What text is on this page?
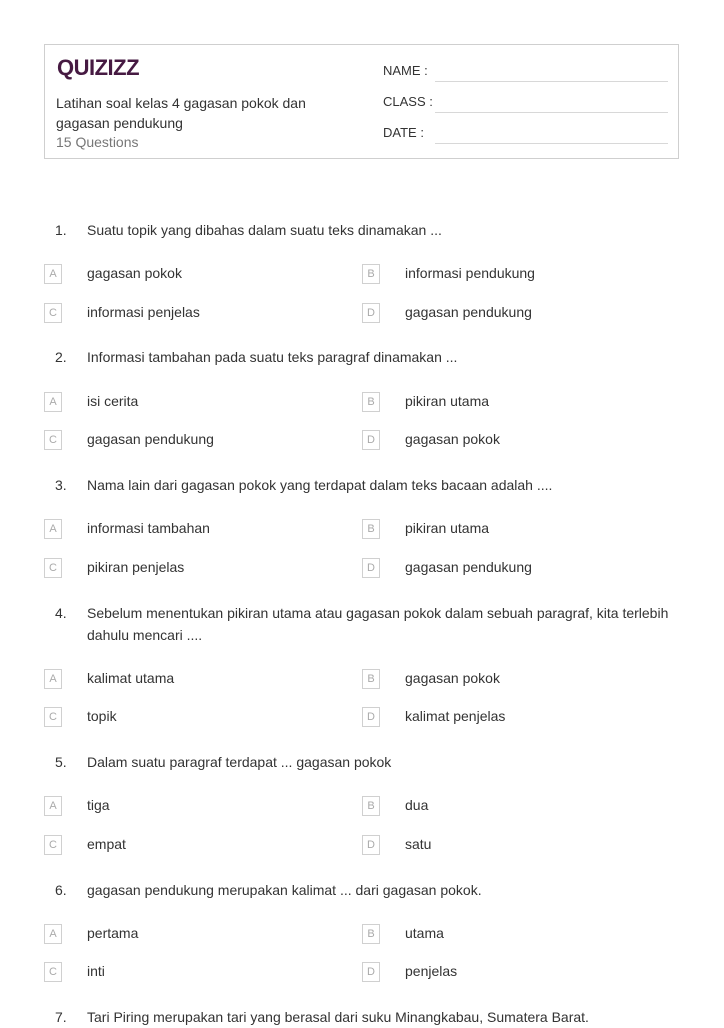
QUIZIZZ
Latihan soal kelas 4 gagasan pokok dan gagasan pendukung
15 Questions
NAME :
CLASS :
DATE :
1. Suatu topik yang dibahas dalam suatu teks dinamakan ...
A	gagasan pokok	B	informasi pendukung
C	informasi penjelas	D	gagasan pendukung
2. Informasi tambahan pada suatu teks paragraf dinamakan ...
A	isi cerita	B	pikiran utama
C	gagasan pendukung	D	gagasan pokok
3. Nama lain dari gagasan pokok yang terdapat dalam teks bacaan adalah ....
A	informasi tambahan	B	pikiran utama
C	pikiran penjelas	D	gagasan pendukung
4. Sebelum menentukan pikiran utama atau gagasan pokok dalam sebuah paragraf, kita terlebih dahulu mencari ....
A	kalimat utama	B	gagasan pokok
C	topik	D	kalimat penjelas
5. Dalam suatu paragraf terdapat ... gagasan pokok
A	tiga	B	dua
C	empat	D	satu
6. gagasan pendukung merupakan kalimat ... dari gagasan pokok.
A	pertama	B	utama
C	inti	D	penjelas
7. Tari Piring merupakan tari yang berasal dari suku Minangkabau, Sumatera Barat.
